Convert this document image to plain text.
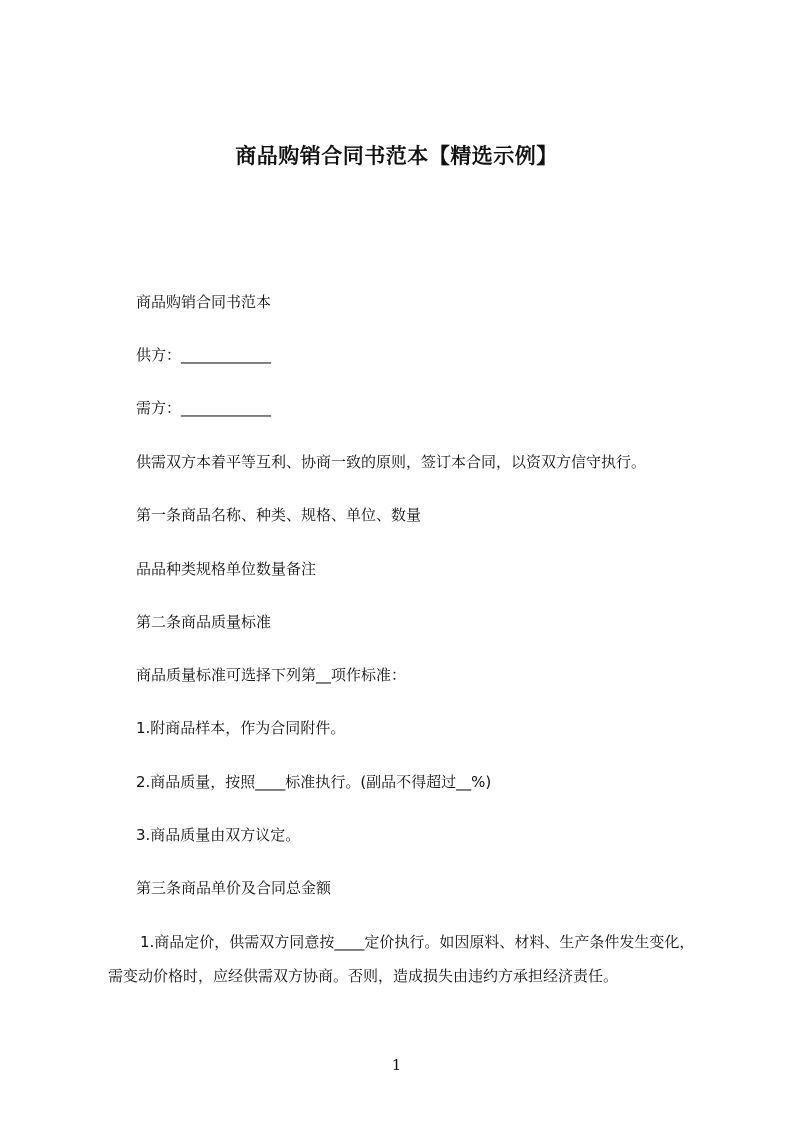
商品购销合同书范本【精选示例】
商品购销合同书范本
供方：____________
需方：____________
供需双方本着平等互利、协商一致的原则，签订本合同，以资双方信守执行。
第一条商品名称、种类、规格、单位、数量
品品种类规格单位数量备注
第二条商品质量标准
商品质量标准可选择下列第__项作标准：
1.附商品样本，作为合同附件。
2.商品质量，按照____标准执行。(副品不得超过__%)
3.商品质量由双方议定。
第三条商品单价及合同总金额
1.商品定价，供需双方同意按____定价执行。如因原料、材料、生产条件发生变化，需变动价格时，应经供需双方协商。否则，造成损失由违约方承担经济责任。
1
